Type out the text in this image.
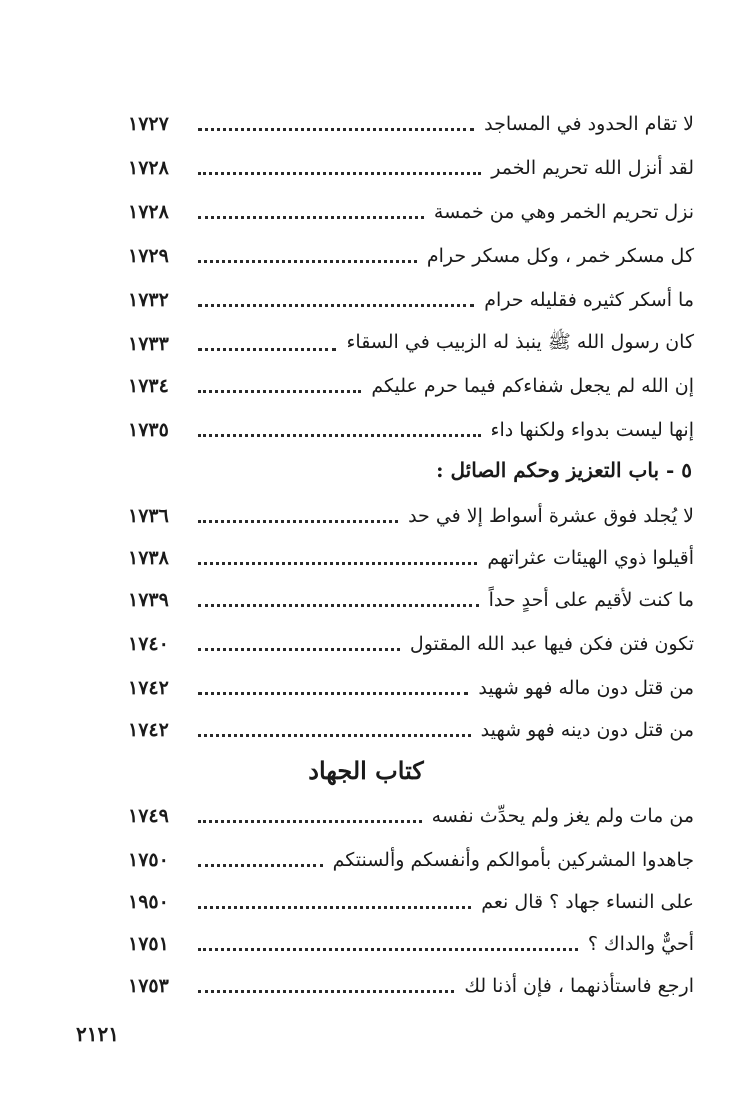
لا تقام الحدود في المساجد
١٧٢٧
لقد أنزل الله تحريم الخمر
١٧٢٨
نزل تحريم الخمر وهي من خمسة
١٧٢٨
كل مسكر خمر ، وكل مسكر حرام
١٧٢٩
ما أسكر كثيره فقليله حرام
١٧٣٢
كان رسول الله ﷺ ينبذ له الزبيب في السقاء
١٧٣٣
إن الله لم يجعل شفاءكم فيما حرم عليكم
١٧٣٤
إنها ليست بدواء ولكنها داء
١٧٣٥
٥ - باب التعزيز وحكم الصائل :
لا يُجلد فوق عشرة أسواط إلا في حد
١٧٣٦
أقيلوا ذوي الهيئات عثراتهم
١٧٣٨
ما كنت لأقيم على أحدٍ حداً
١٧٣٩
تكون فتن فكن فيها عبد الله المقتول
١٧٤٠
من قتل دون ماله فهو شهيد
١٧٤٢
من قتل دون دينه فهو شهيد
١٧٤٢
كتاب الجهاد
من مات ولم يغز ولم يحدِّث نفسه
١٧٤٩
جاهدوا المشركين بأموالكم وأنفسكم وألسنتكم
١٧٥٠
على النساء جهاد ؟ قال نعم
١٩٥٠
أحيٌّ والداك ؟
١٧٥١
ارجع فاستأذنهما ، فإن أذنا لك
١٧٥٣
٢١٢١
